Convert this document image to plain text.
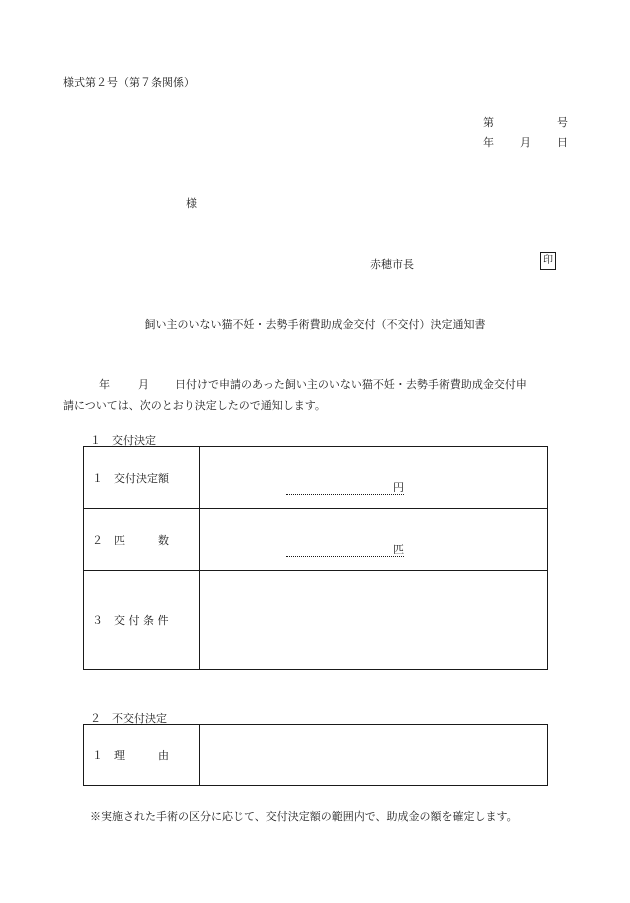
様式第２号（第７条関係）
第	号
年 月 日
様
赤穂市長	印
飼い主のいない猫不妊・去勢手術費助成金交付（不交付）決定通知書
年	月 日付けで申請のあった飼い主のいない猫不妊・去勢手術費助成金交付申
請については、次のとおり決定したので通知します。
１　交付決定
１ 交付決定額	円

２ 匹　　　数	匹

３ 交 付 条 件	
２　不交付決定
１ 理　　　由	
※実施された手術の区分に応じて、交付決定額の範囲内で、助成金の額を確定します。
